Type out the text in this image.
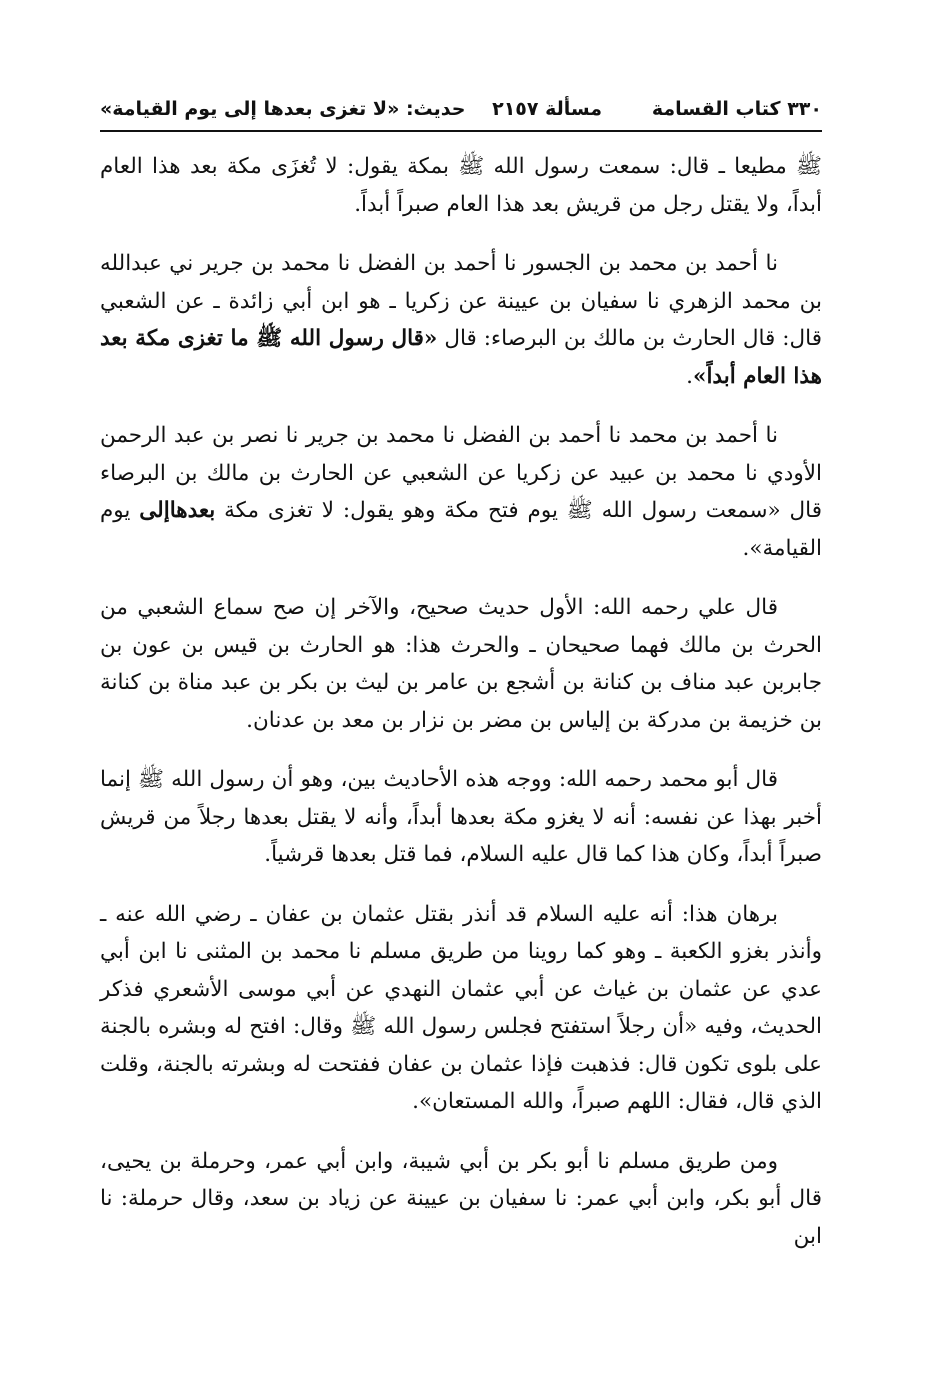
٣٣٠ كتاب القسامة
مسألة ٢١٥٧
حديث: «لا تغزى بعدها إلى يوم القيامة»

ﷺ مطيعا ـ قال: سمعت رسول الله ﷺ بمكة يقول: لا تُغزَى مكة بعد هذا العام أبداً، ولا يقتل رجل من قريش بعد هذا العام صبراً أبداً.

نا أحمد بن محمد بن الجسور نا أحمد بن الفضل نا محمد بن جرير ني عبدالله بن محمد الزهري نا سفيان بن عيينة عن زكريا ـ هو ابن أبي زائدة ـ عن الشعبي قال: قال الحارث بن مالك بن البرصاء: قال «قال رسول الله ﷺ ما تغزى مكة بعد هذا العام أبداً».

نا أحمد بن محمد نا أحمد بن الفضل نا محمد بن جرير نا نصر بن عبد الرحمن الأودي نا محمد بن عبيد عن زكريا عن الشعبي عن الحارث بن مالك بن البرصاء قال «سمعت رسول الله ﷺ يوم فتح مكة وهو يقول: لا تغزى مكة بعدهاإلى يوم القيامة».

قال علي رحمه الله: الأول حديث صحيح، والآخر إن صح سماع الشعبي من الحرث بن مالك فهما صحيحان ـ والحرث هذا: هو الحارث بن قيس بن عون بن جابربن عبد مناف بن كنانة بن أشجع بن عامر بن ليث بن بكر بن عبد مناة بن كنانة بن خزيمة بن مدركة بن إلياس بن مضر بن نزار بن معد بن عدنان.

قال أبو محمد رحمه الله: ووجه هذه الأحاديث بين، وهو أن رسول الله ﷺ إنما أخبر بهذا عن نفسه: أنه لا يغزو مكة بعدها أبداً، وأنه لا يقتل بعدها رجلاً من قريش صبراً أبداً، وكان هذا كما قال عليه السلام، فما قتل بعدها قرشياً.

برهان هذا: أنه عليه السلام قد أنذر بقتل عثمان بن عفان ـ رضي الله عنه ـ وأنذر بغزو الكعبة ـ وهو كما روينا من طريق مسلم نا محمد بن المثنى نا ابن أبي عدي عن عثمان بن غياث عن أبي عثمان النهدي عن أبي موسى الأشعري فذكر الحديث، وفيه «أن رجلاً استفتح فجلس رسول الله ﷺ وقال: افتح له وبشره بالجنة على بلوى تكون قال: فذهبت فإذا عثمان بن عفان ففتحت له وبشرته بالجنة، وقلت الذي قال، فقال: اللهم صبراً، والله المستعان».

ومن طريق مسلم نا أبو بكر بن أبي شيبة، وابن أبي عمر، وحرملة بن يحيى، قال أبو بكر، وابن أبي عمر: نا سفيان بن عيينة عن زياد بن سعد، وقال حرملة: نا ابن
